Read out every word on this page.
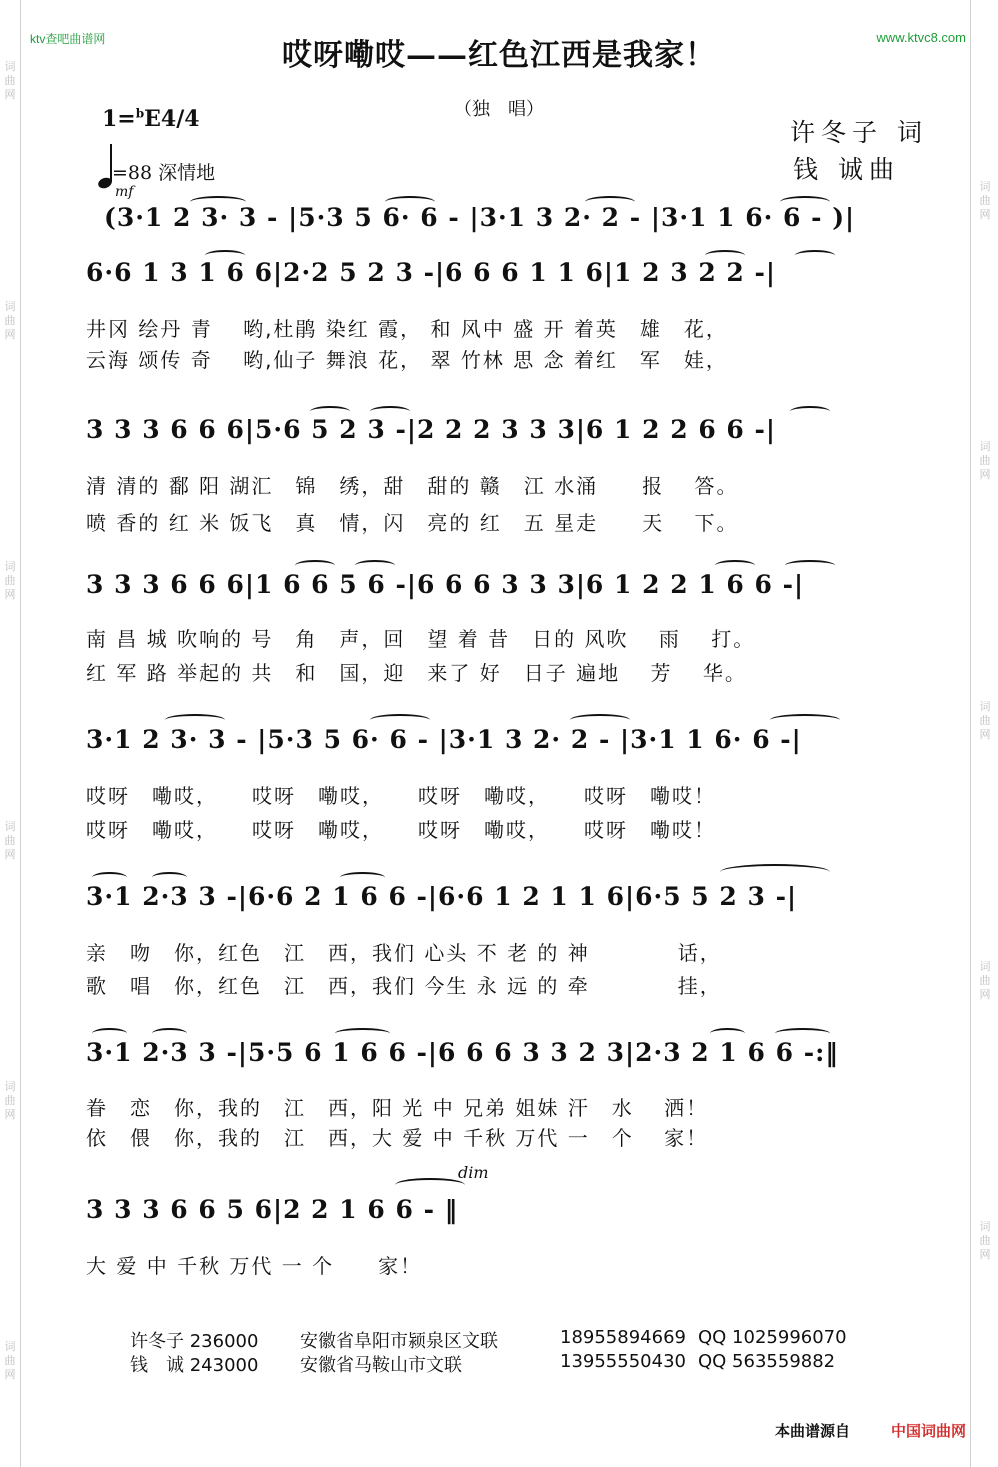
ktv查吧曲谱网	www.ktvc8.com
哎呀嘞哎——红色江西是我家！
（独　唱）
1=$^b$E4/4
=88 深情地
mf
许冬子 词
钱 诚曲
(3·1 2 3· 3 - |5·3 5 6· 6 - |3·1 3 2· 2 - |3·1 1 6· 6 - )|
6·6 1 3 1 6 6|2·2 5 2 3 -|6 6 6 1 1 6|1 2 3 2 2 -|
井冈 绘丹 青　 哟,杜鹃 染红 霞， 和 风中 盛 开 着英　雄　花，
云海 颂传 奇　 哟,仙子 舞浪 花， 翠 竹林 思 念 着红　军　娃，
3 3 3 6 6 6|5·6 5 2 3 -|2 2 2 3 3 3|6 1 2 2 6 6 -|
清 清的 鄱 阳 湖汇　锦　绣，甜　甜的 赣　江 水涌　　报　 答。
喷 香的 红 米 饭飞　真　情，闪　亮的 红　五 星走　　天　 下。
3 3 3 6 6 6|1 6 6 5 6 -|6 6 6 3 3 3|6 1 2 2 1 6 6 -|
南 昌 城 吹响的 号　角　声，回　望 着 昔　日的 风吹　 雨　 打。
红 军 路 举起的 共　和　国，迎　来了 好　日子 遍地　 芳　 华。
3·1 2 3· 3 - |5·3 5 6· 6 - |3·1 3 2· 2 - |3·1 1 6· 6 -|
哎呀　嘞哎，　　哎呀　嘞哎，　　哎呀　嘞哎，　　哎呀　嘞哎！
哎呀　嘞哎，　　哎呀　嘞哎，　　哎呀　嘞哎，　　哎呀　嘞哎！
3·1 2·3 3 -|6·6 2 1 6 6 -|6·6 1 2 1 1 6|6·5 5 2 3 -|
亲　吻　你，红色　江　西，我们 心头 不 老 的 神　　　　话，
歌　唱　你，红色　江　西，我们 今生 永 远 的 牵　　　　挂，
3·1 2·3 3 -|5·5 6 1 6 6 -|6 6 6 3 3 2 3|2·3 2 1 6 6 -:‖
眷　恋　你，我的　江　西，阳 光 中 兄弟 姐妹 汗　水　 洒！
依　偎　你，我的　江　西，大 爱 中 千秋 万代 一　个　 家！
dim
3 3 3 6 6 5 6|2 2 1 6 6 - ‖
大 爱 中 千秋 万代 一 个　　家！
许冬子 236000 安徽省阜阳市颍泉区文联	18955894669 QQ 1025996070
钱　诚 243000 安徽省马鞍山市文联	13955550430 QQ 563559882
本曲谱源自	中国词曲网
词曲网
词曲网
词曲网
词曲网
词曲网
词曲网
词曲网
词曲网
词曲网
词曲网
词曲网
